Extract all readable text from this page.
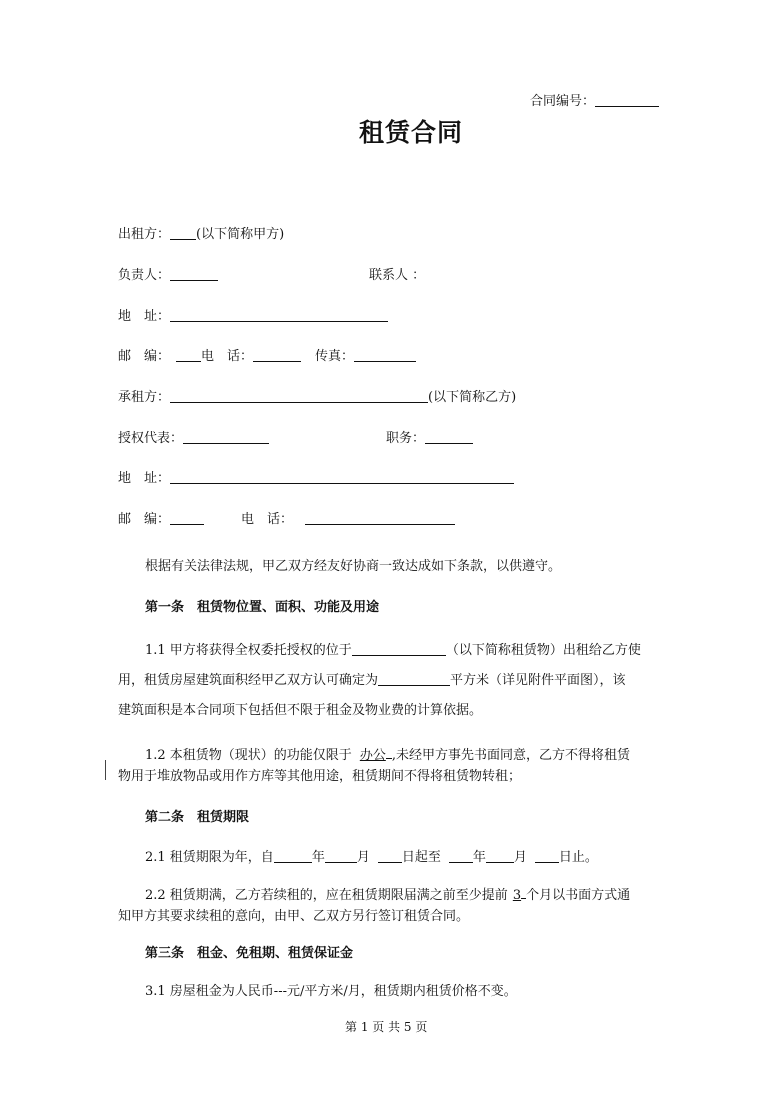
合同编号：
租赁合同
出租方： (以下简称甲方)
负责人：	联系人 ：
地　址：
邮　编： 电　话：	传真：
承租方：	(以下简称乙方)
授权代表：	职务：
地　址：
邮　编：	电　话：
根据有关法律法规，甲乙双方经友好协商一致达成如下条款，以供遵守。
第一条　租赁物位置、面积、功能及用途
1.1 甲方将获得全权委托授权的位于	（以下简称租赁物）出租给乙方使
用，租赁房屋建筑面积经甲乙双方认可确定为	平方米（详见附件平面图），该
建筑面积是本合同项下包括但不限于租金及物业费的计算依据。
1.2 本租赁物（现状）的功能仅限于 办公 ,未经甲方事先书面同意，乙方不得将租赁
物用于堆放物品或用作方库等其他用途，租赁期间不得将租赁物转租；
第二条　租赁期限
2.1 租赁期限为年，自	年 月 日起至 年 月 日止。
2.2 租赁期满，乙方若续租的，应在租赁期限届满之前至少提前 3 个月以书面方式通
知甲方其要求续租的意向，由甲、乙双方另行签订租赁合同。
第三条　租金、免租期、租赁保证金
3.1 房屋租金为人民币---元/平方米/月，租赁期内租赁价格不变。
第 1 页 共 5 页
